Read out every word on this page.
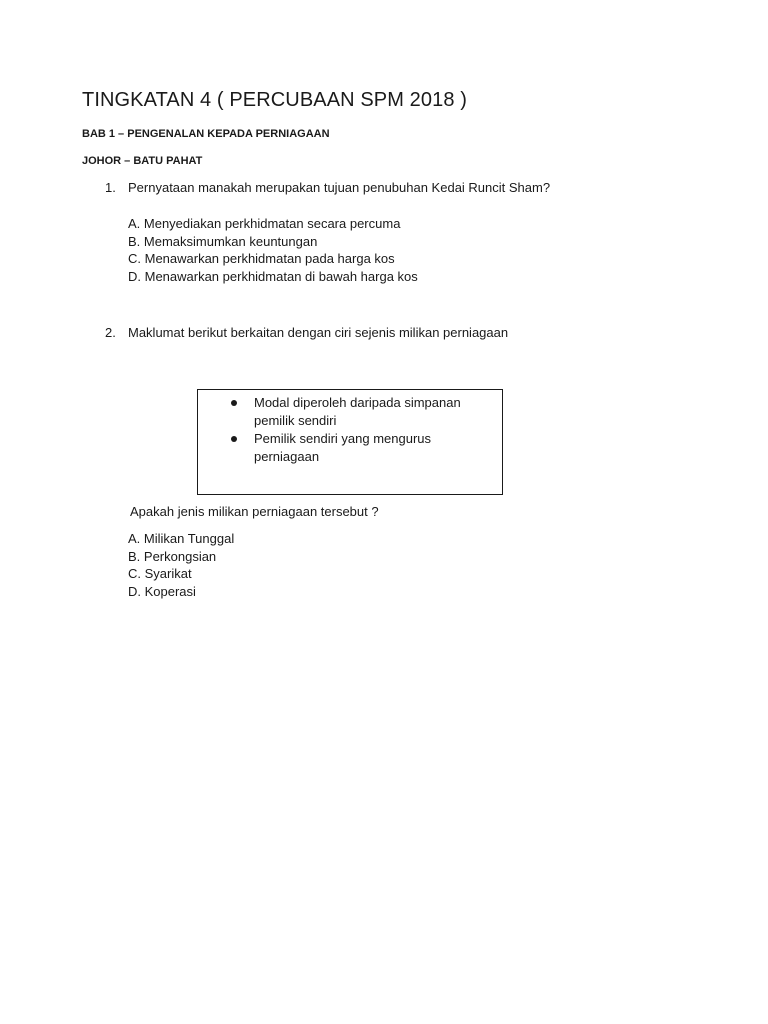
TINGKATAN 4 ( PERCUBAAN SPM 2018 )
BAB 1 – PENGENALAN KEPADA PERNIAGAAN
JOHOR – BATU PAHAT
1. Pernyataan manakah merupakan tujuan penubuhan Kedai Runcit Sham?
A. Menyediakan perkhidmatan secara percuma
B. Memaksimumkan keuntungan
C. Menawarkan perkhidmatan pada harga kos
D. Menawarkan perkhidmatan di bawah harga kos
2. Maklumat berikut berkaitan dengan ciri sejenis milikan perniagaan
Modal diperoleh daripada simpanan pemilik sendiri
Pemilik sendiri yang mengurus perniagaan
Apakah jenis milikan perniagaan tersebut ?
A. Milikan Tunggal
B. Perkongsian
C. Syarikat
D. Koperasi
